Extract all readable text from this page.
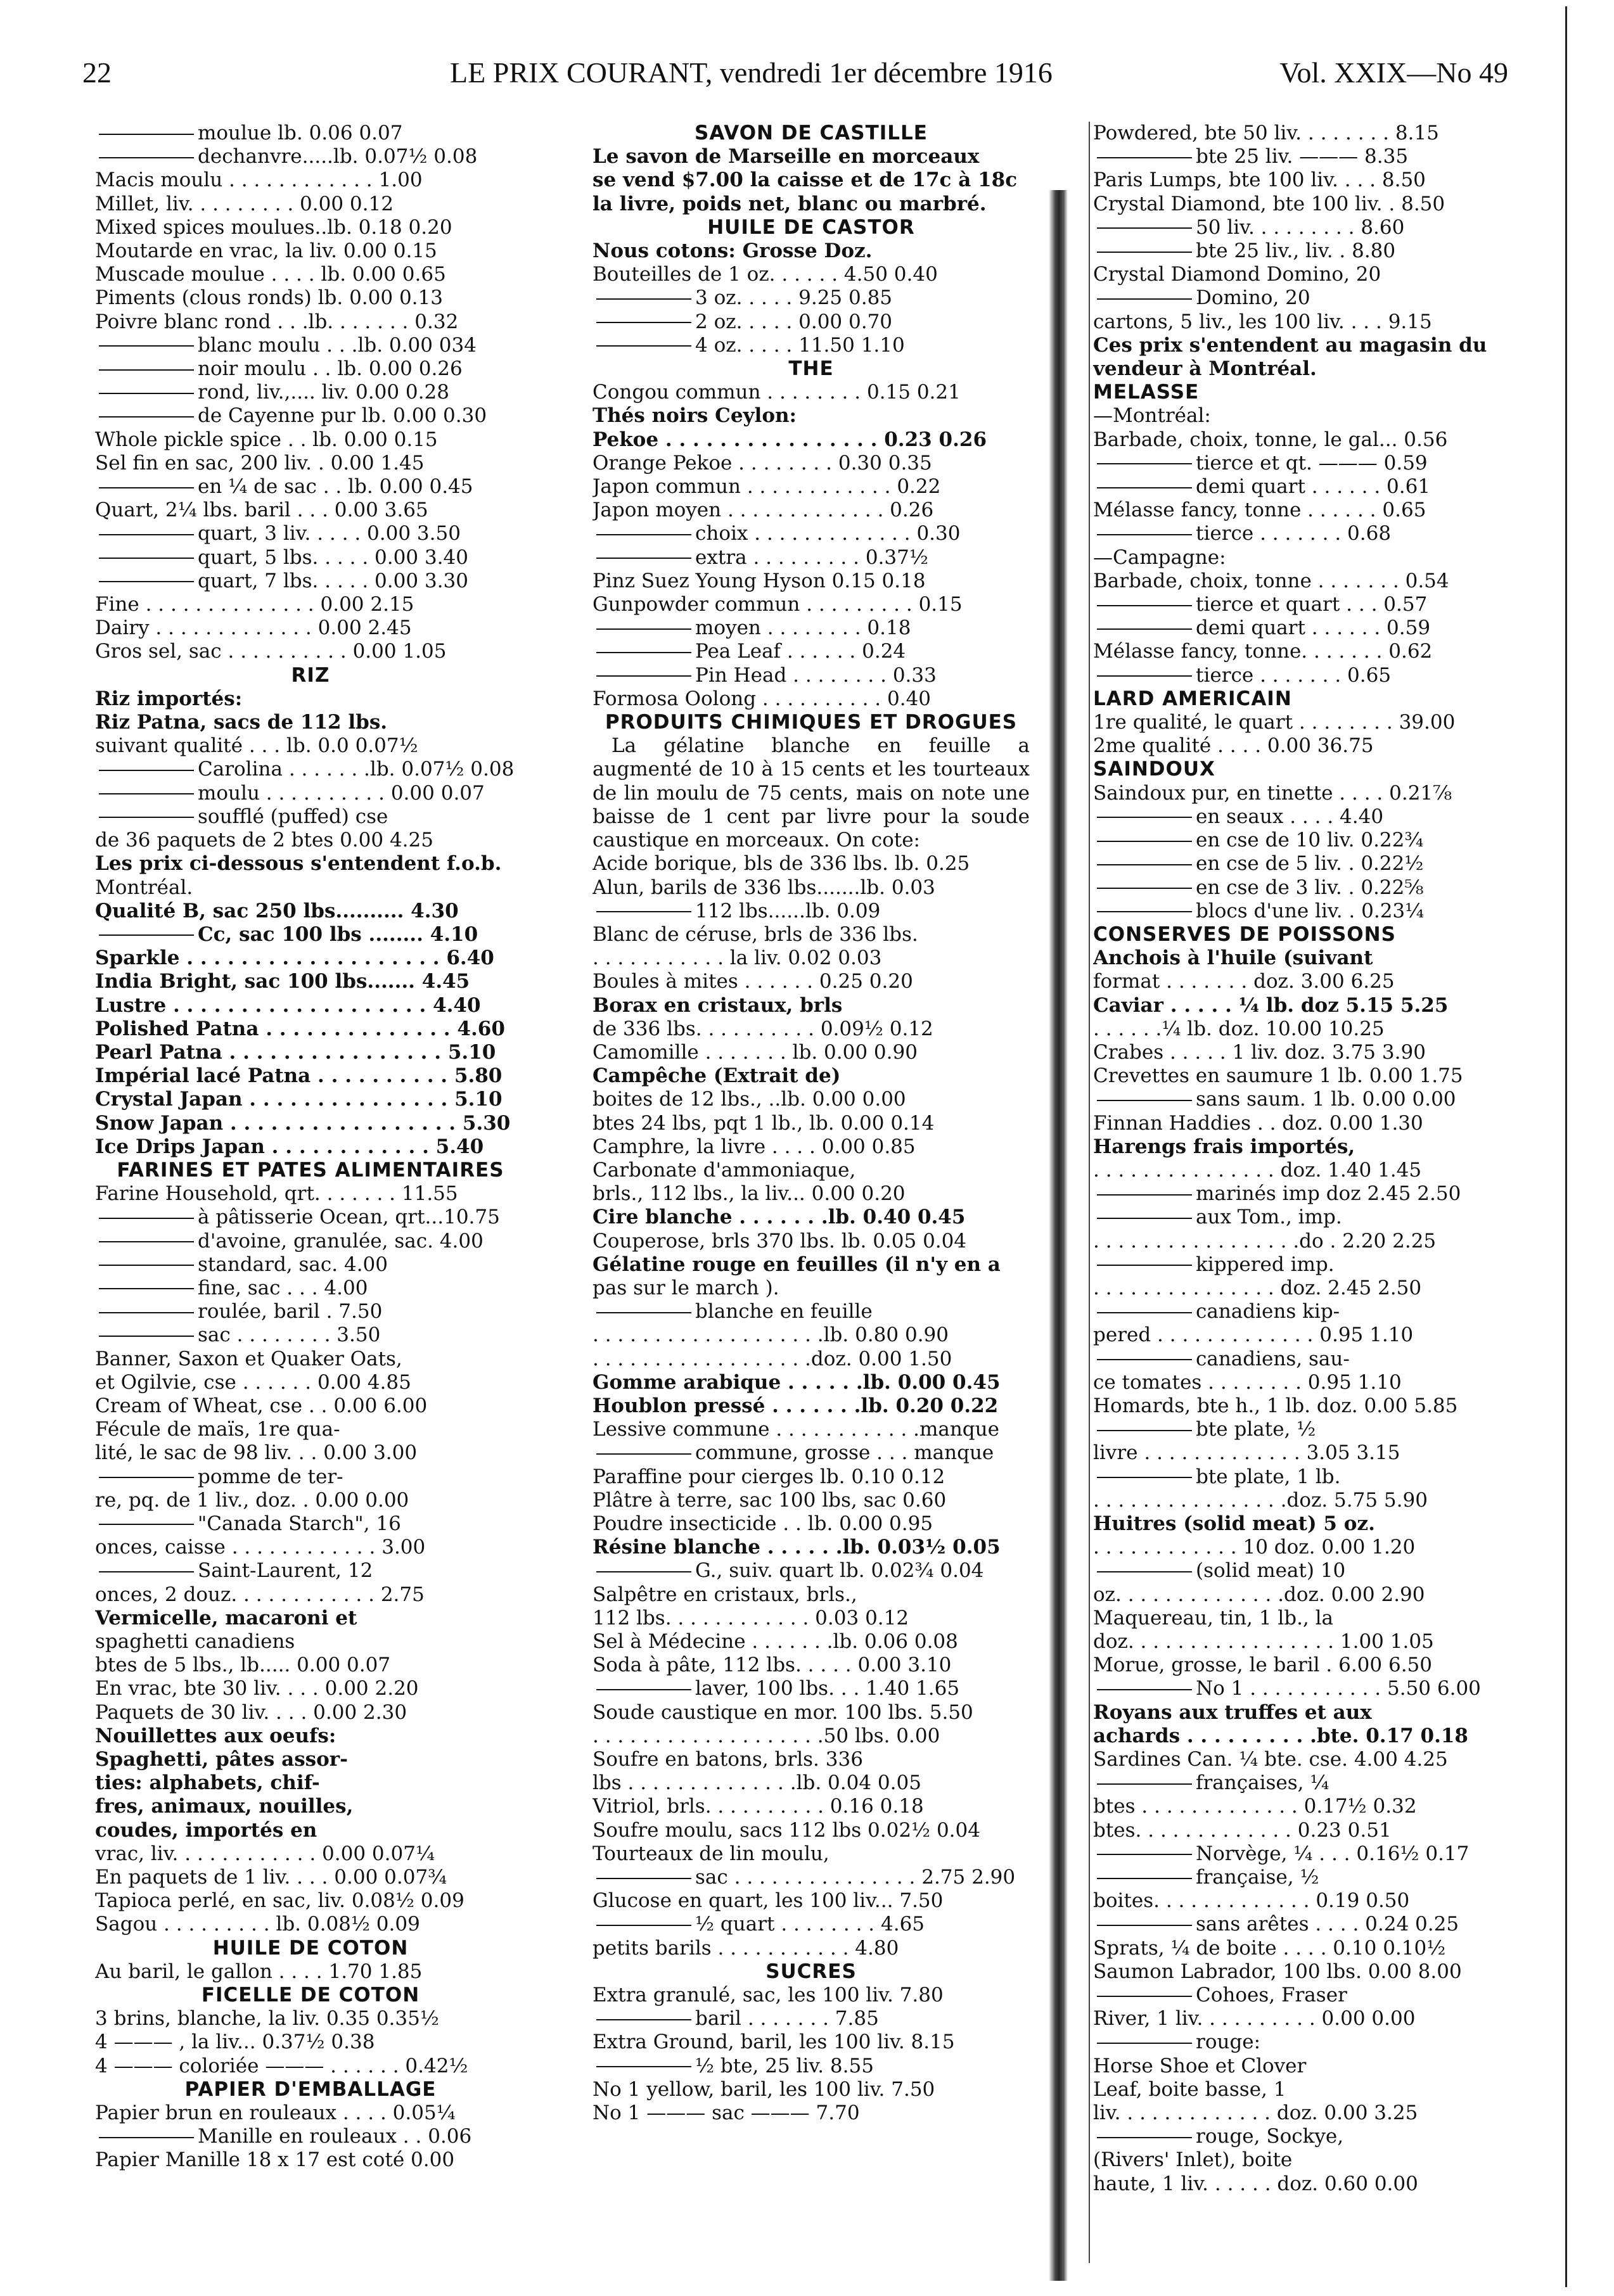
22	LE PRIX COURANT, vendredi 1er décembre 1916	Vol. XXIX—No 49
moulue lb. 0.06 0.07
dechanvre.....lb. 0.07½ 0.08
Macis moulu . . . . . . . . . . . . 1.00
Millet, liv. . . . . . . . . 0.00 0.12
Mixed spices moulues..lb. 0.18 0.20
Moutarde en vrac, la liv. 0.00 0.15
Muscade moulue . . . . lb. 0.00 0.65
Piments (clous ronds) lb. 0.00 0.13
Poivre blanc rond . . .lb. . . . . . . 0.32
blanc moulu . . .lb. 0.00 034
noir moulu . . lb. 0.00 0.26
rond, liv.,.... liv. 0.00 0.28
de Cayenne pur lb. 0.00 0.30
Whole pickle spice . . lb. 0.00 0.15
Sel fin en sac, 200 liv. . 0.00 1.45
en ¼ de sac . . lb. 0.00 0.45
Quart, 2¼ lbs. baril . . . 0.00 3.65
quart, 3 liv. . . . . 0.00 3.50
quart, 5 lbs. . . . . 0.00 3.40
quart, 7 lbs. . . . . 0.00 3.30
Fine . . . . . . . . . . . . . . 0.00 2.15
Dairy . . . . . . . . . . . . . 0.00 2.45
Gros sel, sac . . . . . . . . . . 0.00 1.05
RIZ
Riz importés:
Riz Patna, sacs de 112 lbs.
suivant qualité . . . lb. 0.0 0.07½
Carolina . . . . . . .lb. 0.07½ 0.08
moulu . . . . . . . . . . 0.00 0.07
soufflé (puffed) cse
de 36 paquets de 2 btes 0.00 4.25
Les prix ci-dessous s'entendent f.o.b.
Montréal.
Qualité B, sac 250 lbs.......... 4.30
Cc, sac 100 lbs ........ 4.10
Sparkle . . . . . . . . . . . . . . . . . . . 6.40
India Bright, sac 100 lbs....... 4.45
Lustre . . . . . . . . . . . . . . . . . . . 4.40
Polished Patna . . . . . . . . . . . . . . 4.60
Pearl Patna . . . . . . . . . . . . . . . . 5.10
Impérial lacé Patna . . . . . . . . . . 5.80
Crystal Japan . . . . . . . . . . . . . . . 5.10
Snow Japan . . . . . . . . . . . . . . . . . 5.30
Ice Drips Japan . . . . . . . . . . . . 5.40
FARINES ET PATES ALIMENTAIRES
Farine Household, qrt. . . . . . . 11.55
à pâtisserie Ocean, qrt...10.75
d'avoine, granulée, sac. 4.00
standard, sac. 4.00
fine, sac . . . 4.00
roulée, baril . 7.50
sac . . . . . . . . 3.50
Banner, Saxon et Quaker Oats,
et Ogilvie, cse . . . . . . 0.00 4.85
Cream of Wheat, cse . . 0.00 6.00
Fécule de maïs, 1re qua-
lité, le sac de 98 liv. . . 0.00 3.00
pomme de ter-
re, pq. de 1 liv., doz. . 0.00 0.00
"Canada Starch", 16
onces, caisse . . . . . . . . . . . . 3.00
Saint-Laurent, 12
onces, 2 douz. . . . . . . . . . . . 2.75
Vermicelle, macaroni et
spaghetti canadiens
btes de 5 lbs., lb..... 0.00 0.07
En vrac, bte 30 liv. . . . 0.00 2.20
Paquets de 30 liv. . . . 0.00 2.30
Nouillettes aux oeufs:
Spaghetti, pâtes assor-
ties: alphabets, chif-
fres, animaux, nouilles,
coudes, importés en
vrac, liv. . . . . . . . . . . . 0.00 0.07¼
En paquets de 1 liv. . . . 0.00 0.07¾
Tapioca perlé, en sac, liv. 0.08½ 0.09
Sagou . . . . . . . . . lb. 0.08½ 0.09
HUILE DE COTON
Au baril, le gallon . . . . 1.70 1.85
FICELLE DE COTON
3 brins, blanche, la liv. 0.35 0.35½
4 ——— , la liv... 0.37½ 0.38
4 ——— coloriée ——— . . . . . . 0.42½
PAPIER D'EMBALLAGE
Papier brun en rouleaux . . . . 0.05¼
Manille en rouleaux . . 0.06
Papier Manille 18 x 17 est coté 0.00
SAVON DE CASTILLE
Le savon de Marseille en morceaux
se vend $7.00 la caisse et de 17c à 18c
la livre, poids net, blanc ou marbré.
HUILE DE CASTOR
Nous cotons: Grosse Doz.
Bouteilles de 1 oz. . . . . . 4.50 0.40
3 oz. . . . . 9.25 0.85
2 oz. . . . . 0.00 0.70
4 oz. . . . . 11.50 1.10
THE
Congou commun . . . . . . . . 0.15 0.21
Thés noirs Ceylon:
Pekoe . . . . . . . . . . . . . . . . 0.23 0.26
Orange Pekoe . . . . . . . . 0.30 0.35
Japon commun . . . . . . . . . . . . 0.22
Japon moyen . . . . . . . . . . . . . 0.26
choix . . . . . . . . . . . . . 0.30
extra . . . . . . . . . 0.37½
Pinz Suez Young Hyson 0.15 0.18
Gunpowder commun . . . . . . . . . 0.15
moyen . . . . . . . . 0.18
Pea Leaf . . . . . . 0.24
Pin Head . . . . . . . . 0.33
Formosa Oolong . . . . . . . . . . 0.40
PRODUITS CHIMIQUES ET DROGUES
La gélatine blanche en feuille a augmenté de 10 à 15 cents et les tourteaux de lin moulu de 75 cents, mais on note une baisse de 1 cent par livre pour la soude caustique en morceaux. On cote:
Acide borique, bls de 336 lbs. lb. 0.25
Alun, barils de 336 lbs.......lb. 0.03
112 lbs......lb. 0.09
Blanc de céruse, brls de 336 lbs.
. . . . . . . . . . . la liv. 0.02 0.03
Boules à mites . . . . . . 0.25 0.20
Borax en cristaux, brls
de 336 lbs. . . . . . . . . . 0.09½ 0.12
Camomille . . . . . . . lb. 0.00 0.90
Campêche (Extrait de)
boites de 12 lbs., ..lb. 0.00 0.00
btes 24 lbs, pqt 1 lb., lb. 0.00 0.14
Camphre, la livre . . . . 0.00 0.85
Carbonate d'ammoniaque,
brls., 112 lbs., la liv... 0.00 0.20
Cire blanche . . . . . . .lb. 0.40 0.45
Couperose, brls 370 lbs. lb. 0.05 0.04
Gélatine rouge en feuilles (il n'y en a
pas sur le march ).
blanche en feuille
. . . . . . . . . . . . . . . . . . .lb. 0.80 0.90
. . . . . . . . . . . . . . . . . .doz. 0.00 1.50
Gomme arabique . . . . . .lb. 0.00 0.45
Houblon pressé . . . . . . .lb. 0.20 0.22
Lessive commune . . . . . . . . . . . .manque
commune, grosse . . . manque
Paraffine pour cierges lb. 0.10 0.12
Plâtre à terre, sac 100 lbs, sac 0.60
Poudre insecticide . . lb. 0.00 0.95
Résine blanche . . . . . .lb. 0.03½ 0.05
G., suiv. quart lb. 0.02¾ 0.04
Salpêtre en cristaux, brls.,
112 lbs. . . . . . . . . . . . 0.03 0.12
Sel à Médecine . . . . . . .lb. 0.06 0.08
Soda à pâte, 112 lbs. . . . . 0.00 3.10
laver, 100 lbs. . . 1.40 1.65
Soude caustique en mor. 100 lbs. 5.50
. . . . . . . . . . . . . . . . . . .50 lbs. 0.00
Soufre en batons, brls. 336
lbs . . . . . . . . . . . . . .lb. 0.04 0.05
Vitriol, brls. . . . . . . . . . 0.16 0.18
Soufre moulu, sacs 112 lbs 0.02½ 0.04
Tourteaux de lin moulu,
sac . . . . . . . . . . . . . . . 2.75 2.90
Glucose en quart, les 100 liv... 7.50
½ quart . . . . . . . . 4.65
petits barils . . . . . . . . . . . 4.80
SUCRES
Extra granulé, sac, les 100 liv. 7.80
baril . . . . . . . 7.85
Extra Ground, baril, les 100 liv. 8.15
½ bte, 25 liv. 8.55
No 1 yellow, baril, les 100 liv. 7.50
No 1 ——— sac ——— 7.70
Powdered, bte 50 liv. . . . . . . . 8.15
bte 25 liv. ——— 8.35
Paris Lumps, bte 100 liv. . . . 8.50
Crystal Diamond, bte 100 liv. . 8.50
50 liv. . . . . . . . . 8.60
bte 25 liv., liv. . 8.80
Crystal Diamond Domino, 20
Domino, 20
cartons, 5 liv., les 100 liv. . . . 9.15
Ces prix s'entendent au magasin du
vendeur à Montréal.
MELASSE
—Montréal:
Barbade, choix, tonne, le gal... 0.56
tierce et qt. ——— 0.59
demi quart . . . . . . 0.61
Mélasse fancy, tonne . . . . . . 0.65
tierce . . . . . . . 0.68
—Campagne:
Barbade, choix, tonne . . . . . . . 0.54
tierce et quart . . . 0.57
demi quart . . . . . . 0.59
Mélasse fancy, tonne. . . . . . . 0.62
tierce . . . . . . . 0.65
LARD AMERICAIN
1re qualité, le quart . . . . . . . . 39.00
2me qualité . . . . 0.00 36.75
SAINDOUX
Saindoux pur, en tinette . . . . 0.21⅞
en seaux . . . . 4.40
en cse de 10 liv. 0.22¾
en cse de 5 liv. . 0.22½
en cse de 3 liv. . 0.22⅝
blocs d'une liv. . 0.23¼
CONSERVES DE POISSONS
Anchois à l'huile (suivant
format . . . . . . . doz. 3.00 6.25
Caviar . . . . . ¼ lb. doz 5.15 5.25
. . . . . .¼ lb. doz. 10.00 10.25
Crabes . . . . . 1 liv. doz. 3.75 3.90
Crevettes en saumure 1 lb. 0.00 1.75
sans saum. 1 lb. 0.00 0.00
Finnan Haddies . . doz. 0.00 1.30
Harengs frais importés,
. . . . . . . . . . . . . . . doz. 1.40 1.45
marinés imp doz 2.45 2.50
aux Tom., imp.
. . . . . . . . . . . . . . . . .do . 2.20 2.25
kippered imp.
. . . . . . . . . . . . . . . doz. 2.45 2.50
canadiens kip-
pered . . . . . . . . . . . . . 0.95 1.10
canadiens, sau-
ce tomates . . . . . . . . 0.95 1.10
Homards, bte h., 1 lb. doz. 0.00 5.85
bte plate, ½
livre . . . . . . . . . . . . . 3.05 3.15
bte plate, 1 lb.
. . . . . . . . . . . . . . . .doz. 5.75 5.90
Huitres (solid meat) 5 oz.
. . . . . . . . . . . . 10 doz. 0.00 1.20
(solid meat) 10
oz. . . . . . . . . . . . . .doz. 0.00 2.90
Maquereau, tin, 1 lb., la
doz. . . . . . . . . . . . . . . . . 1.00 1.05
Morue, grosse, le baril . 6.00 6.50
No 1 . . . . . . . . . . . 5.50 6.00
Royans aux truffes et aux
achards . . . . . . . . . .bte. 0.17 0.18
Sardines Can. ¼ bte. cse. 4.00 4.25
françaises, ¼
btes . . . . . . . . . . . . . 0.17½ 0.32
btes. . . . . . . . . . . . . 0.23 0.51
Norvège, ¼ . . . 0.16½ 0.17
française, ½
boites. . . . . . . . . . . . . 0.19 0.50
sans arêtes . . . . 0.24 0.25
Sprats, ¼ de boite . . . . 0.10 0.10½
Saumon Labrador, 100 lbs. 0.00 8.00
Cohoes, Fraser
River, 1 liv. . . . . . . . . . 0.00 0.00
rouge:
Horse Shoe et Clover
Leaf, boite basse, 1
liv. . . . . . . . . . . . . doz. 0.00 3.25
rouge, Sockye,
(Rivers' Inlet), boite
haute, 1 liv. . . . . . doz. 0.60 0.00
